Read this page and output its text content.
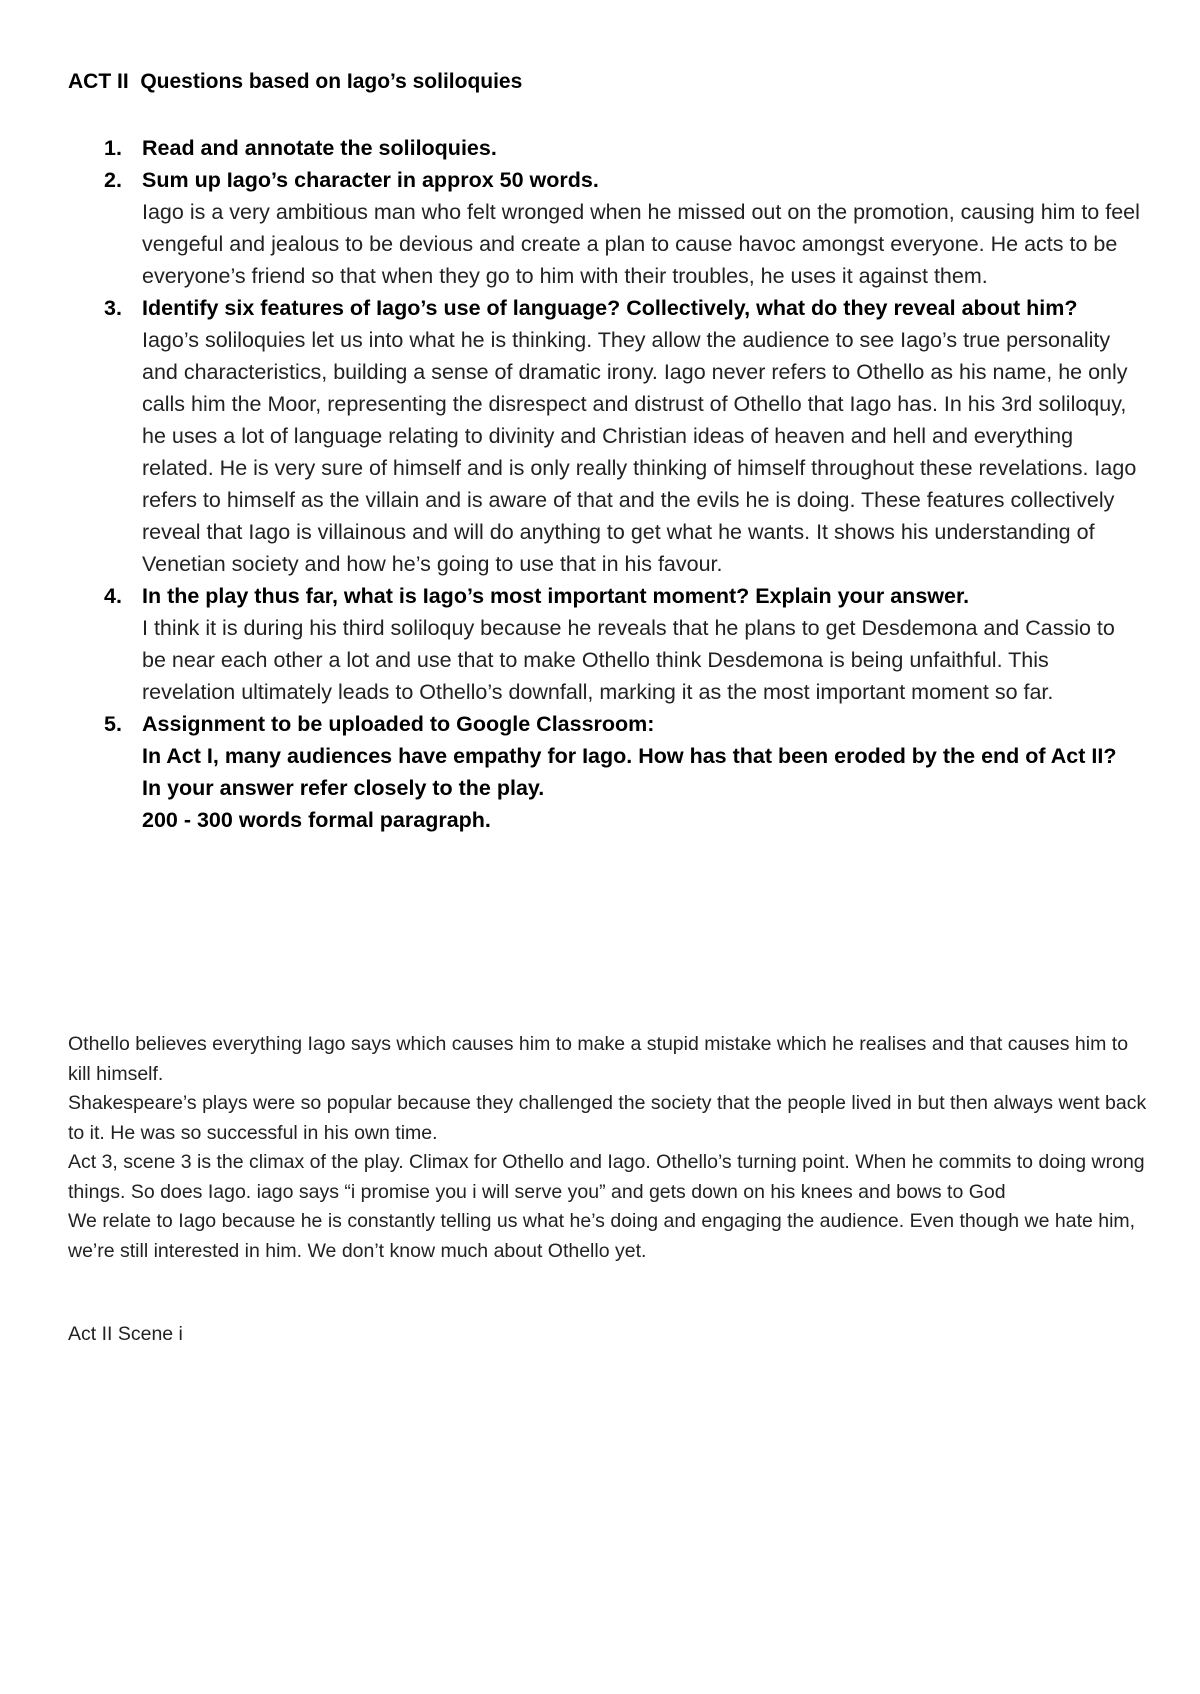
ACT II  Questions based on Iago’s soliloquies

1. Read and annotate the soliloquies.
2. Sum up Iago’s character in approx 50 words.
Iago is a very ambitious man who felt wronged when he missed out on the promotion, causing him to feel vengeful and jealous to be devious and create a plan to cause havoc amongst everyone. He acts to be everyone’s friend so that when they go to him with their troubles, he uses it against them.
3. Identify six features of Iago’s use of language? Collectively, what do they reveal about him?
Iago’s soliloquies let us into what he is thinking. They allow the audience to see Iago’s true personality and characteristics, building a sense of dramatic irony. Iago never refers to Othello as his name, he only calls him the Moor, representing the disrespect and distrust of Othello that Iago has. In his 3rd soliloquy, he uses a lot of language relating to divinity and Christian ideas of heaven and hell and everything related. He is very sure of himself and is only really thinking of himself throughout these revelations. Iago refers to himself as the villain and is aware of that and the evils he is doing. These features collectively reveal that Iago is villainous and will do anything to get what he wants. It shows his understanding of Venetian society and how he’s going to use that in his favour.
4. In the play thus far, what is Iago’s most important moment? Explain your answer.
I think it is during his third soliloquy because he reveals that he plans to get Desdemona and Cassio to be near each other a lot and use that to make Othello think Desdemona is being unfaithful. This revelation ultimately leads to Othello’s downfall, marking it as the most important moment so far.
5. Assignment to be uploaded to Google Classroom:
In Act I, many audiences have empathy for Iago. How has that been eroded by the end of Act II?
In your answer refer closely to the play.
200 - 300 words formal paragraph.

Othello believes everything Iago says which causes him to make a stupid mistake which he realises and that causes him to kill himself.

Shakespeare’s plays were so popular because they challenged the society that the people lived in but then always went back to it. He was so successful in his own time.

Act 3, scene 3 is the climax of the play. Climax for Othello and Iago. Othello’s turning point. When he commits to doing wrong things. So does Iago. iago says “i promise you i will serve you” and gets down on his knees and bows to God

We relate to Iago because he is constantly telling us what he’s doing and engaging the audience. Even though we hate him, we’re still interested in him. We don’t know much about Othello yet.

Act II Scene i
